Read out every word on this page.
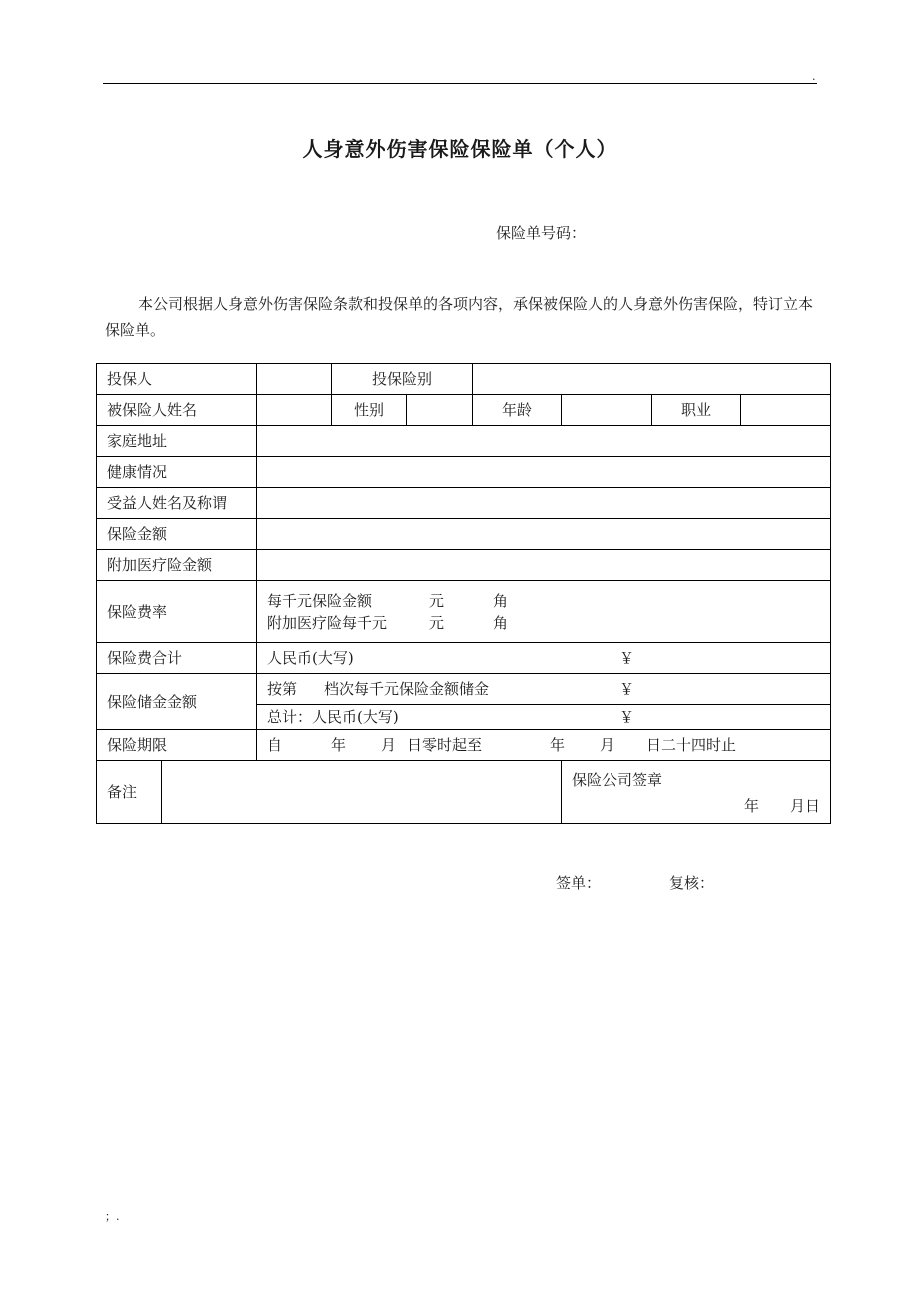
.
人身意外伤害保险保险单（个人）
保险单号码：
本公司根据人身意外伤害保险条款和投保单的各项内容，承保被保险人的人身意外伤害保险，特订立本保险单。
投保人			投保险别					
被保险人姓名			性别		年龄		职业	
家庭地址								
健康情况								
受益人姓名及称谓								
保险金额								
附加医疗险金额								
保险费率		每千元保险金额 元 角
附加医疗险每千元 元 角						

保险费合计		人民币(大写) ￥						
保险储金金额		按第 档次每千元保险金额储金 ￥						
		总计：人民币(大写) ￥						
保险期限		自 年 月 日零时起至 年 月 日二十四时止						
备注						保险公司签章
年 月日		
签单：	复核：
；.
